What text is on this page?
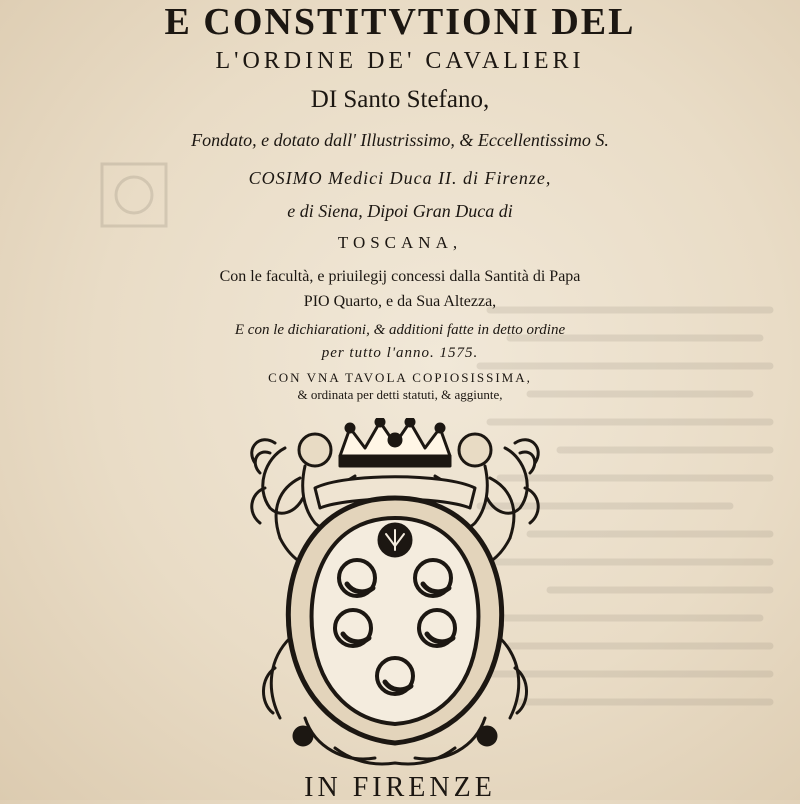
E CONSTITVTIONI DEL
L'ORDINE DE' CAVALIERI
DI Santo Stefano,
Fondato, e dotato dall' Illustrissimo, & Eccellentissimo S.
COSIMO Medici Duca II. di Firenze,
e di Siena, Dipoi Gran Duca di
TOSCANA,
Con le facultà, e priuilegij concessi dalla Santità di Papa
PIO Quarto, e da Sua Altezza,
E con le dichiarationi, & additioni fatte in detto ordine
per tutto l'anno. 1575.
CON VNA TAVOLA COPIOSISSIMA,
& ordinata per detti statuti, & aggiunte,
IN FIRENZE
